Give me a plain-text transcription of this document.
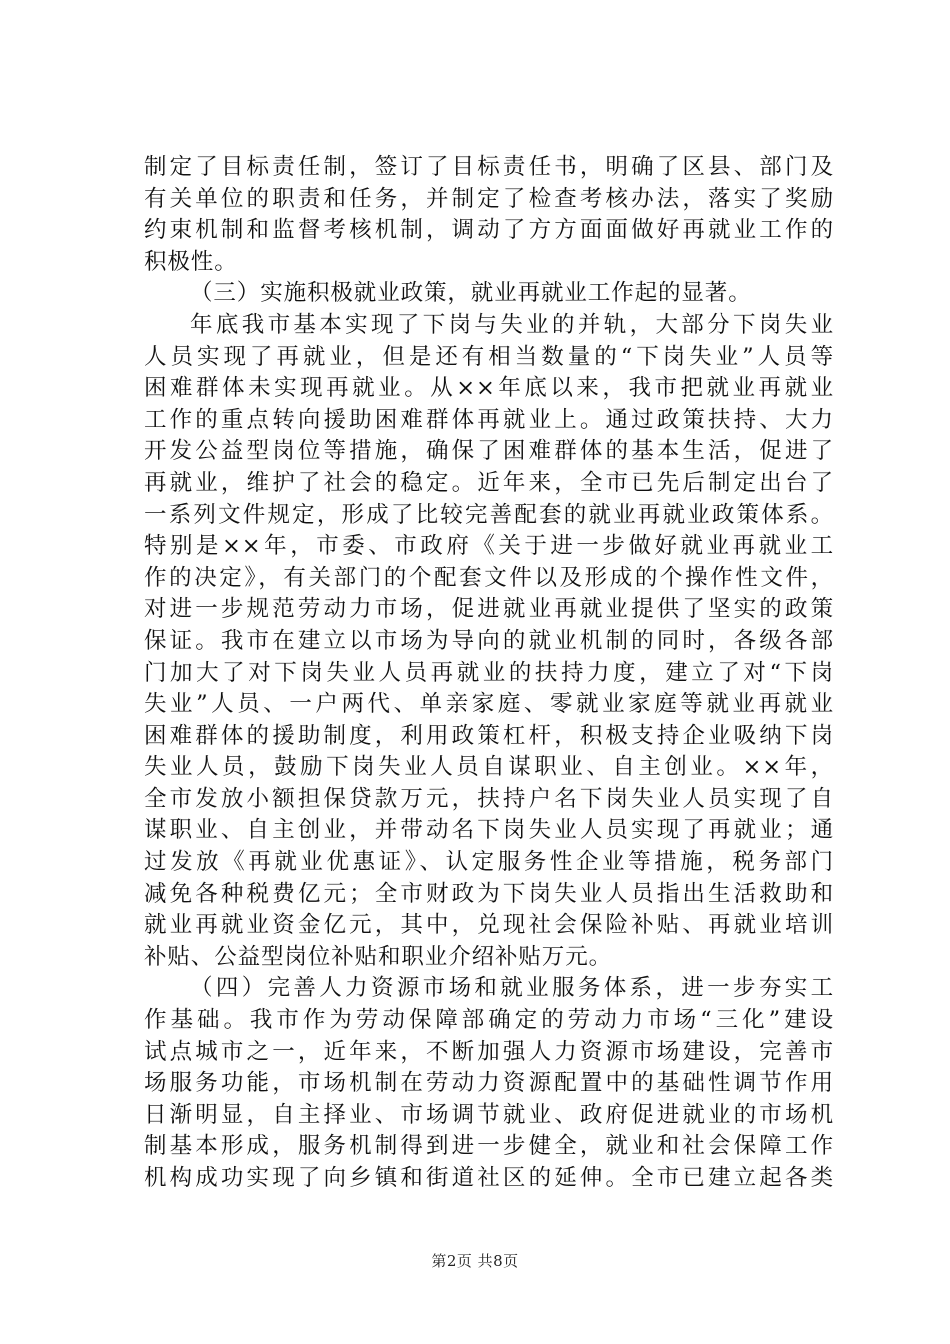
制定了目标责任制，签订了目标责任书，明确了区县、部门及
有关单位的职责和任务，并制定了检查考核办法，落实了奖励
约束机制和监督考核机制，调动了方方面面做好再就业工作的
积极性。
（三）实施积极就业政策，就业再就业工作起的显著。
年底我市基本实现了下岗与失业的并轨，大部分下岗失业
人员实现了再就业，但是还有相当数量的“下岗失业”人员等
困难群体未实现再就业。从××年底以来，我市把就业再就业
工作的重点转向援助困难群体再就业上。通过政策扶持、大力
开发公益型岗位等措施，确保了困难群体的基本生活，促进了
再就业，维护了社会的稳定。近年来，全市已先后制定出台了
一系列文件规定，形成了比较完善配套的就业再就业政策体系。
特别是××年，市委、市政府《关于进一步做好就业再就业工
作的决定》，有关部门的个配套文件以及形成的个操作性文件，
对进一步规范劳动力市场，促进就业再就业提供了坚实的政策
保证。我市在建立以市场为导向的就业机制的同时，各级各部
门加大了对下岗失业人员再就业的扶持力度，建立了对“下岗
失业”人员、一户两代、单亲家庭、零就业家庭等就业再就业
困难群体的援助制度，利用政策杠杆，积极支持企业吸纳下岗
失业人员，鼓励下岗失业人员自谋职业、自主创业。××年，
全市发放小额担保贷款万元，扶持户名下岗失业人员实现了自
谋职业、自主创业，并带动名下岗失业人员实现了再就业；通
过发放《再就业优惠证》、认定服务性企业等措施，税务部门
减免各种税费亿元；全市财政为下岗失业人员指出生活救助和
就业再就业资金亿元，其中，兑现社会保险补贴、再就业培训
补贴、公益型岗位补贴和职业介绍补贴万元。
（四）完善人力资源市场和就业服务体系，进一步夯实工
作基础。我市作为劳动保障部确定的劳动力市场“三化”建设
试点城市之一，近年来，不断加强人力资源市场建设，完善市
场服务功能，市场机制在劳动力资源配置中的基础性调节作用
日渐明显，自主择业、市场调节就业、政府促进就业的市场机
制基本形成，服务机制得到进一步健全，就业和社会保障工作
机构成功实现了向乡镇和街道社区的延伸。全市已建立起各类
第2页 共8页
